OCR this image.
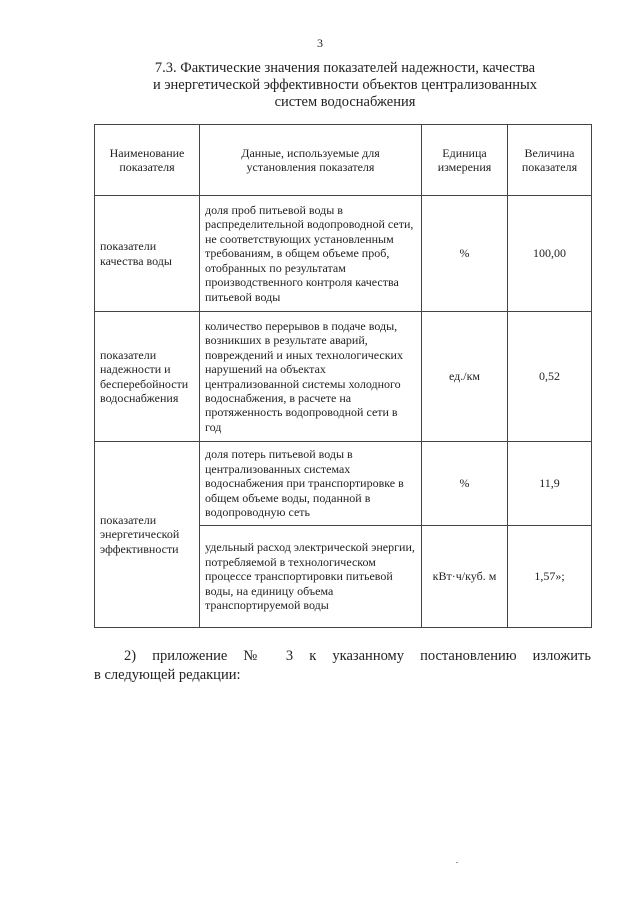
3
7.3. Фактические значения показателей надежности, качества
и энергетической эффективности объектов централизованных
систем водоснабжения
Наименование показателя	Данные, используемые для установления показателя	Единица измерения	Величина показателя
показатели качества воды	доля проб питьевой воды в распределительной водопроводной сети, не соответствующих установленным требованиям, в общем объеме проб, отобранных по результатам производственного контроля качества питьевой воды	%	100,00
показатели надежности и бесперебойности водоснабжения	количество перерывов в подаче воды, возникших в результате аварий, повреждений и иных технологических нарушений на объектах централизованной системы холодного водоснабжения, в расчете на протяженность водопроводной сети в год	ед./км	0,52
показатели энергетической эффективности	доля потерь питьевой воды в централизованных системах водоснабжения при транспортировке в общем объеме воды, поданной в водопроводную сеть	%	11,9
	удельный расход электрической энергии, потребляемой в технологическом процессе транспортировки питьевой воды, на единицу объема транспортируемой воды	кВт·ч/куб. м	1,57»;
2) приложение № 3 к указанному постановлению изложить
в следующей редакции:
